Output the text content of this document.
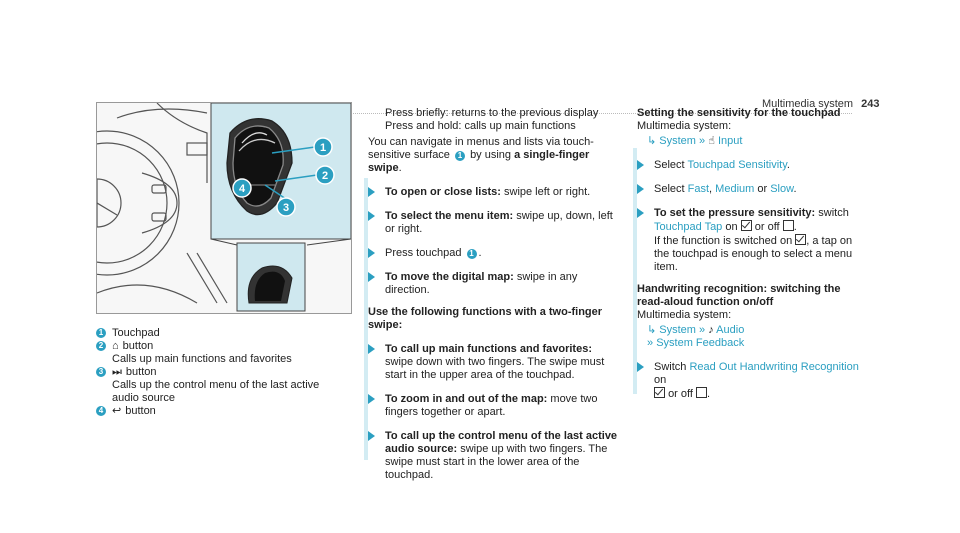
Multimedia system 243
1
2
3
4
1 Touchpad
2 ⌂ button
Calls up main functions and favorites
3 ⏭ button
Calls up the control menu of the last active audio source
4 ↩ button

Press briefly: returns to the previous display

Press and hold: calls up main functions

You can navigate in menus and lists via touch-sensitive surface 1 by using a single-finger swipe.

To open or close lists: swipe left or right.
To select the menu item: swipe up, down, left or right.
Press touchpad 1 .
To move the digital map: swipe in any direction.

Use the following functions with a two-finger swipe:

To call up main functions and favorites: swipe down with two fingers. The swipe must start in the upper area of the touchpad.
To zoom in and out of the map: move two fingers together or apart.
To call up the control menu of the last active audio source: swipe up with two fingers. The swipe must start in the lower area of the touchpad.

Setting the sensitivity for the touchpad

Multimedia system:

↳ System » ☝ Input

Select Touchpad Sensitivity.
Select Fast, Medium or Slow.
To set the pressure sensitivity: switch
Touchpad Tap on or off .
If the function is switched on , a tap on the touchpad is enough to select a menu item.

Handwriting recognition: switching the read-aloud function on/off

Multimedia system:

↳ System » ♪ Audio
» System Feedback

Switch Read Out Handwriting Recognition on
or off .
